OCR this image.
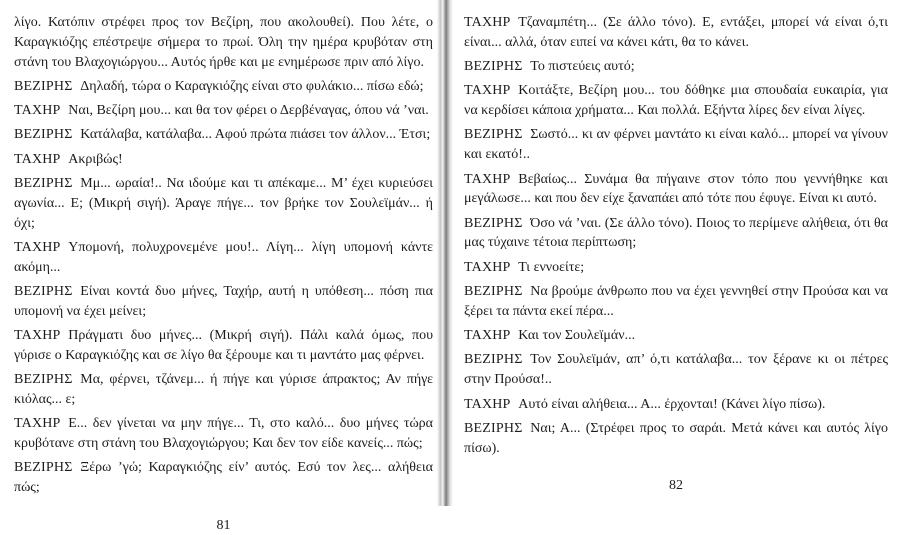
λίγο. Κατόπιν στρέφει προς τον Βεζίρη, που ακολουθεί). Που λέτε, ο Καραγκιόζης επέστρεψε σήμερα το πρωί. Όλη την ημέρα κρυβόταν στη στάνη του Βλαχογιώργου... Αυτός ήρθε και με ενημέρωσε πριν από λίγο.

ΒΕΖΙΡΗΣ Δηλαδή, τώρα ο Καραγκιόζης είναι στο φυλάκιο... πίσω εδώ;

ΤΑΧΗΡ Ναι, Βεζίρη μου... και θα τον φέρει ο Δερβέναγας, όπου νά ’ναι.

ΒΕΖΙΡΗΣ Κατάλαβα, κατάλαβα... Αφού πρώτα πιάσει τον άλλον... Έτσι;

ΤΑΧΗΡ Ακριβώς!

ΒΕΖΙΡΗΣ Μμ... ωραία!.. Να ιδούμε και τι απέκαμε... Μ’ έχει κυριεύσει αγωνία... Ε; (Μικρή σιγή). Άραγε πήγε... τον βρήκε τον Σουλεϊμάν... ή όχι;

ΤΑΧΗΡ Υπομονή, πολυχρονεμένε μου!.. Λίγη... λίγη υπομονή κάντε ακόμη...

ΒΕΖΙΡΗΣ Είναι κοντά δυο μήνες, Ταχήρ, αυτή η υπόθεση... πόση πια υπομονή να έχει μείνει;

ΤΑΧΗΡ Πράγματι δυο μήνες... (Μικρή σιγή). Πάλι καλά όμως, που γύρισε ο Καραγκιόζης και σε λίγο θα ξέρουμε και τι μαντάτο μας φέρνει.

ΒΕΖΙΡΗΣ Μα, φέρνει, τζάνεμ... ή πήγε και γύρισε άπρακτος; Αν πήγε κιόλας... ε;

ΤΑΧΗΡ Ε... δεν γίνεται να μην πήγε... Τι, στο καλό... δυο μήνες τώρα κρυβότανε στη στάνη του Βλαχογιώργου; Και δεν τον είδε κανείς... πώς;

ΒΕΖΙΡΗΣ Ξέρω ’γώ; Καραγκιόζης είν’ αυτός. Εσύ τον λες... αλήθεια πώς;

81

ΤΑΧΗΡ Τζαναμπέτη... (Σε άλλο τόνο). Ε, εντάξει, μπορεί νά είναι ό,τι είναι... αλλά, όταν ειπεί να κάνει κάτι, θα το κάνει.

ΒΕΖΙΡΗΣ Το πιστεύεις αυτό;

ΤΑΧΗΡ Κοιτάξτε, Βεζίρη μου... του δόθηκε μια σπουδαία ευκαιρία, για να κερδίσει κάποια χρήματα... Και πολλά. Εξήντα λίρες δεν είναι λίγες.

ΒΕΖΙΡΗΣ Σωστό... κι αν φέρνει μαντάτο κι είναι καλό... μπορεί να γίνουν και εκατό!..

ΤΑΧΗΡ Βεβαίως... Συνάμα θα πήγαινε στον τόπο που γεννήθηκε και μεγάλωσε... και που δεν είχε ξαναπάει από τότε που έφυγε. Είναι κι αυτό.

ΒΕΖΙΡΗΣ Όσο νά ’ναι. (Σε άλλο τόνο). Ποιος το περίμενε αλήθεια, ότι θα μας τύχαινε τέτοια περίπτωση;

ΤΑΧΗΡ Τι εννοείτε;

ΒΕΖΙΡΗΣ Να βρούμε άνθρωπο που να έχει γεννηθεί στην Προύσα και να ξέρει τα πάντα εκεί πέρα...

ΤΑΧΗΡ Και τον Σουλεϊμάν...

ΒΕΖΙΡΗΣ Τον Σουλεϊμάν, απ’ ό,τι κατάλαβα... τον ξέρανε κι οι πέτρες στην Προύσα!..

ΤΑΧΗΡ Αυτό είναι αλήθεια... Α... έρχονται! (Κάνει λίγο πίσω).

ΒΕΖΙΡΗΣ Ναι; Α... (Στρέφει προς το σαράι. Μετά κάνει και αυτός λίγο πίσω).

82
